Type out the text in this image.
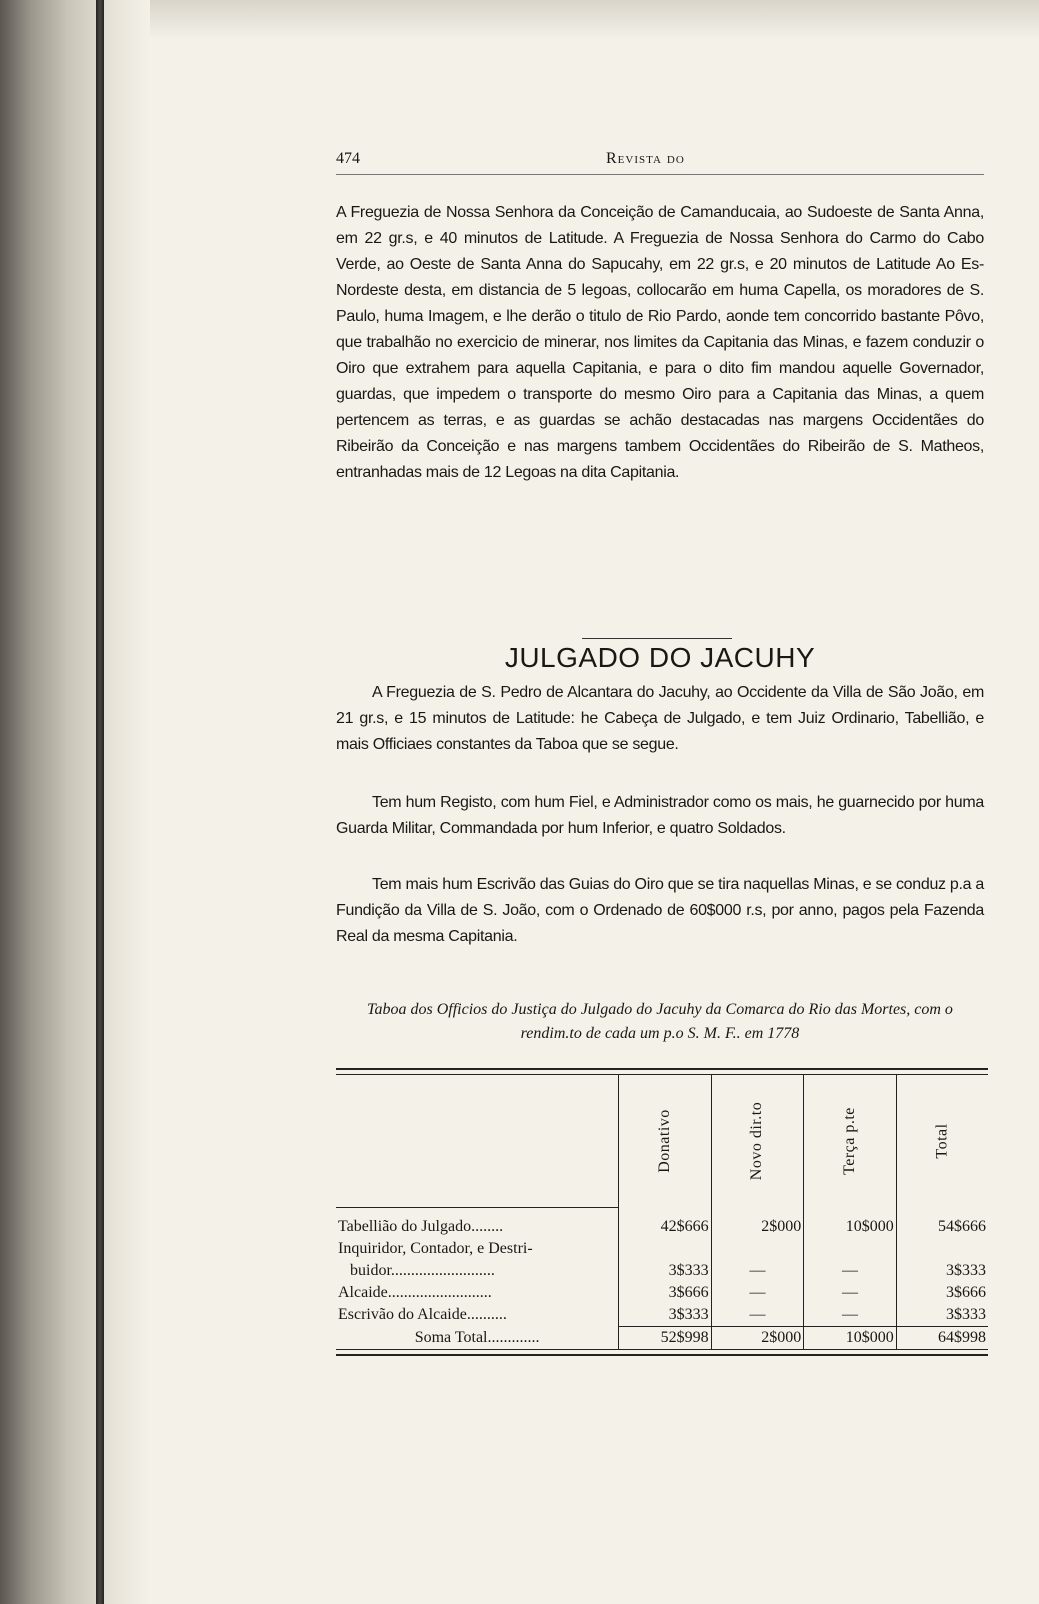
474	Revista do

A Freguezia de Nossa Senhora da Conceição de Camanducaia, ao Sudoeste de Santa Anna, em 22 gr.s, e 40 minutos de Latitude. A Freguezia de Nossa Senhora do Carmo do Cabo Verde, ao Oeste de Santa Anna do Sapucahy, em 22 gr.s, e 20 minutos de Latitude Ao Es-Nordeste desta, em distancia de 5 legoas, collocarão em huma Capella, os moradores de S. Paulo, huma Imagem, e lhe derão o titulo de Rio Pardo, aonde tem concorrido bastante Pôvo, que trabalhão no exercicio de minerar, nos limites da Capitania das Minas, e fazem conduzir o Oiro que extrahem para aquella Capitania, e para o dito fim mandou aquelle Governador, guardas, que impedem o transporte do mesmo Oiro para a Capitania das Minas, a quem pertencem as terras, e as guardas se achão destacadas nas margens Occidentães do Ribeirão da Conceição e nas margens tambem Occidentães do Ribeirão de S. Matheos, entranhadas mais de 12 Legoas na dita Capitania.

JULGADO DO JACUHY

A Freguezia de S. Pedro de Alcantara do Jacuhy, ao Occidente da Villa de São João, em 21 gr.s, e 15 minutos de Latitude: he Cabeça de Julgado, e tem Juiz Ordinario, Tabellião, e mais Officiaes constantes da Taboa que se segue.

Tem hum Registo, com hum Fiel, e Administrador como os mais, he guarnecido por huma Guarda Militar, Commandada por hum Inferior, e quatro Soldados.

Tem mais hum Escrivão das Guias do Oiro que se tira naquellas Minas, e se conduz p.a a Fundição da Villa de S. João, com o Ordenado de 60$000 r.s, por anno, pagos pela Fazenda Real da mesma Capitania.

Taboa dos Officios do Justiça do Julgado do Jacuhy da Comarca do Rio das Mortes, com o rendim.to de cada um p.o S. M. F.. em 1778
	Donativo	Novo dir.to	Terça p.te	Total
Tabellião do Julgado........	42$666	2$000	10$000	54$666
Inquiridor, Contador, e Destri-				
buidor..........................	3$333	—	—	3$333
Alcaide..........................	3$666	—	—	3$666
Escrivão do Alcaide..........	3$333	—	—	3$333
Soma Total.............	52$998	2$000	10$000	64$998
